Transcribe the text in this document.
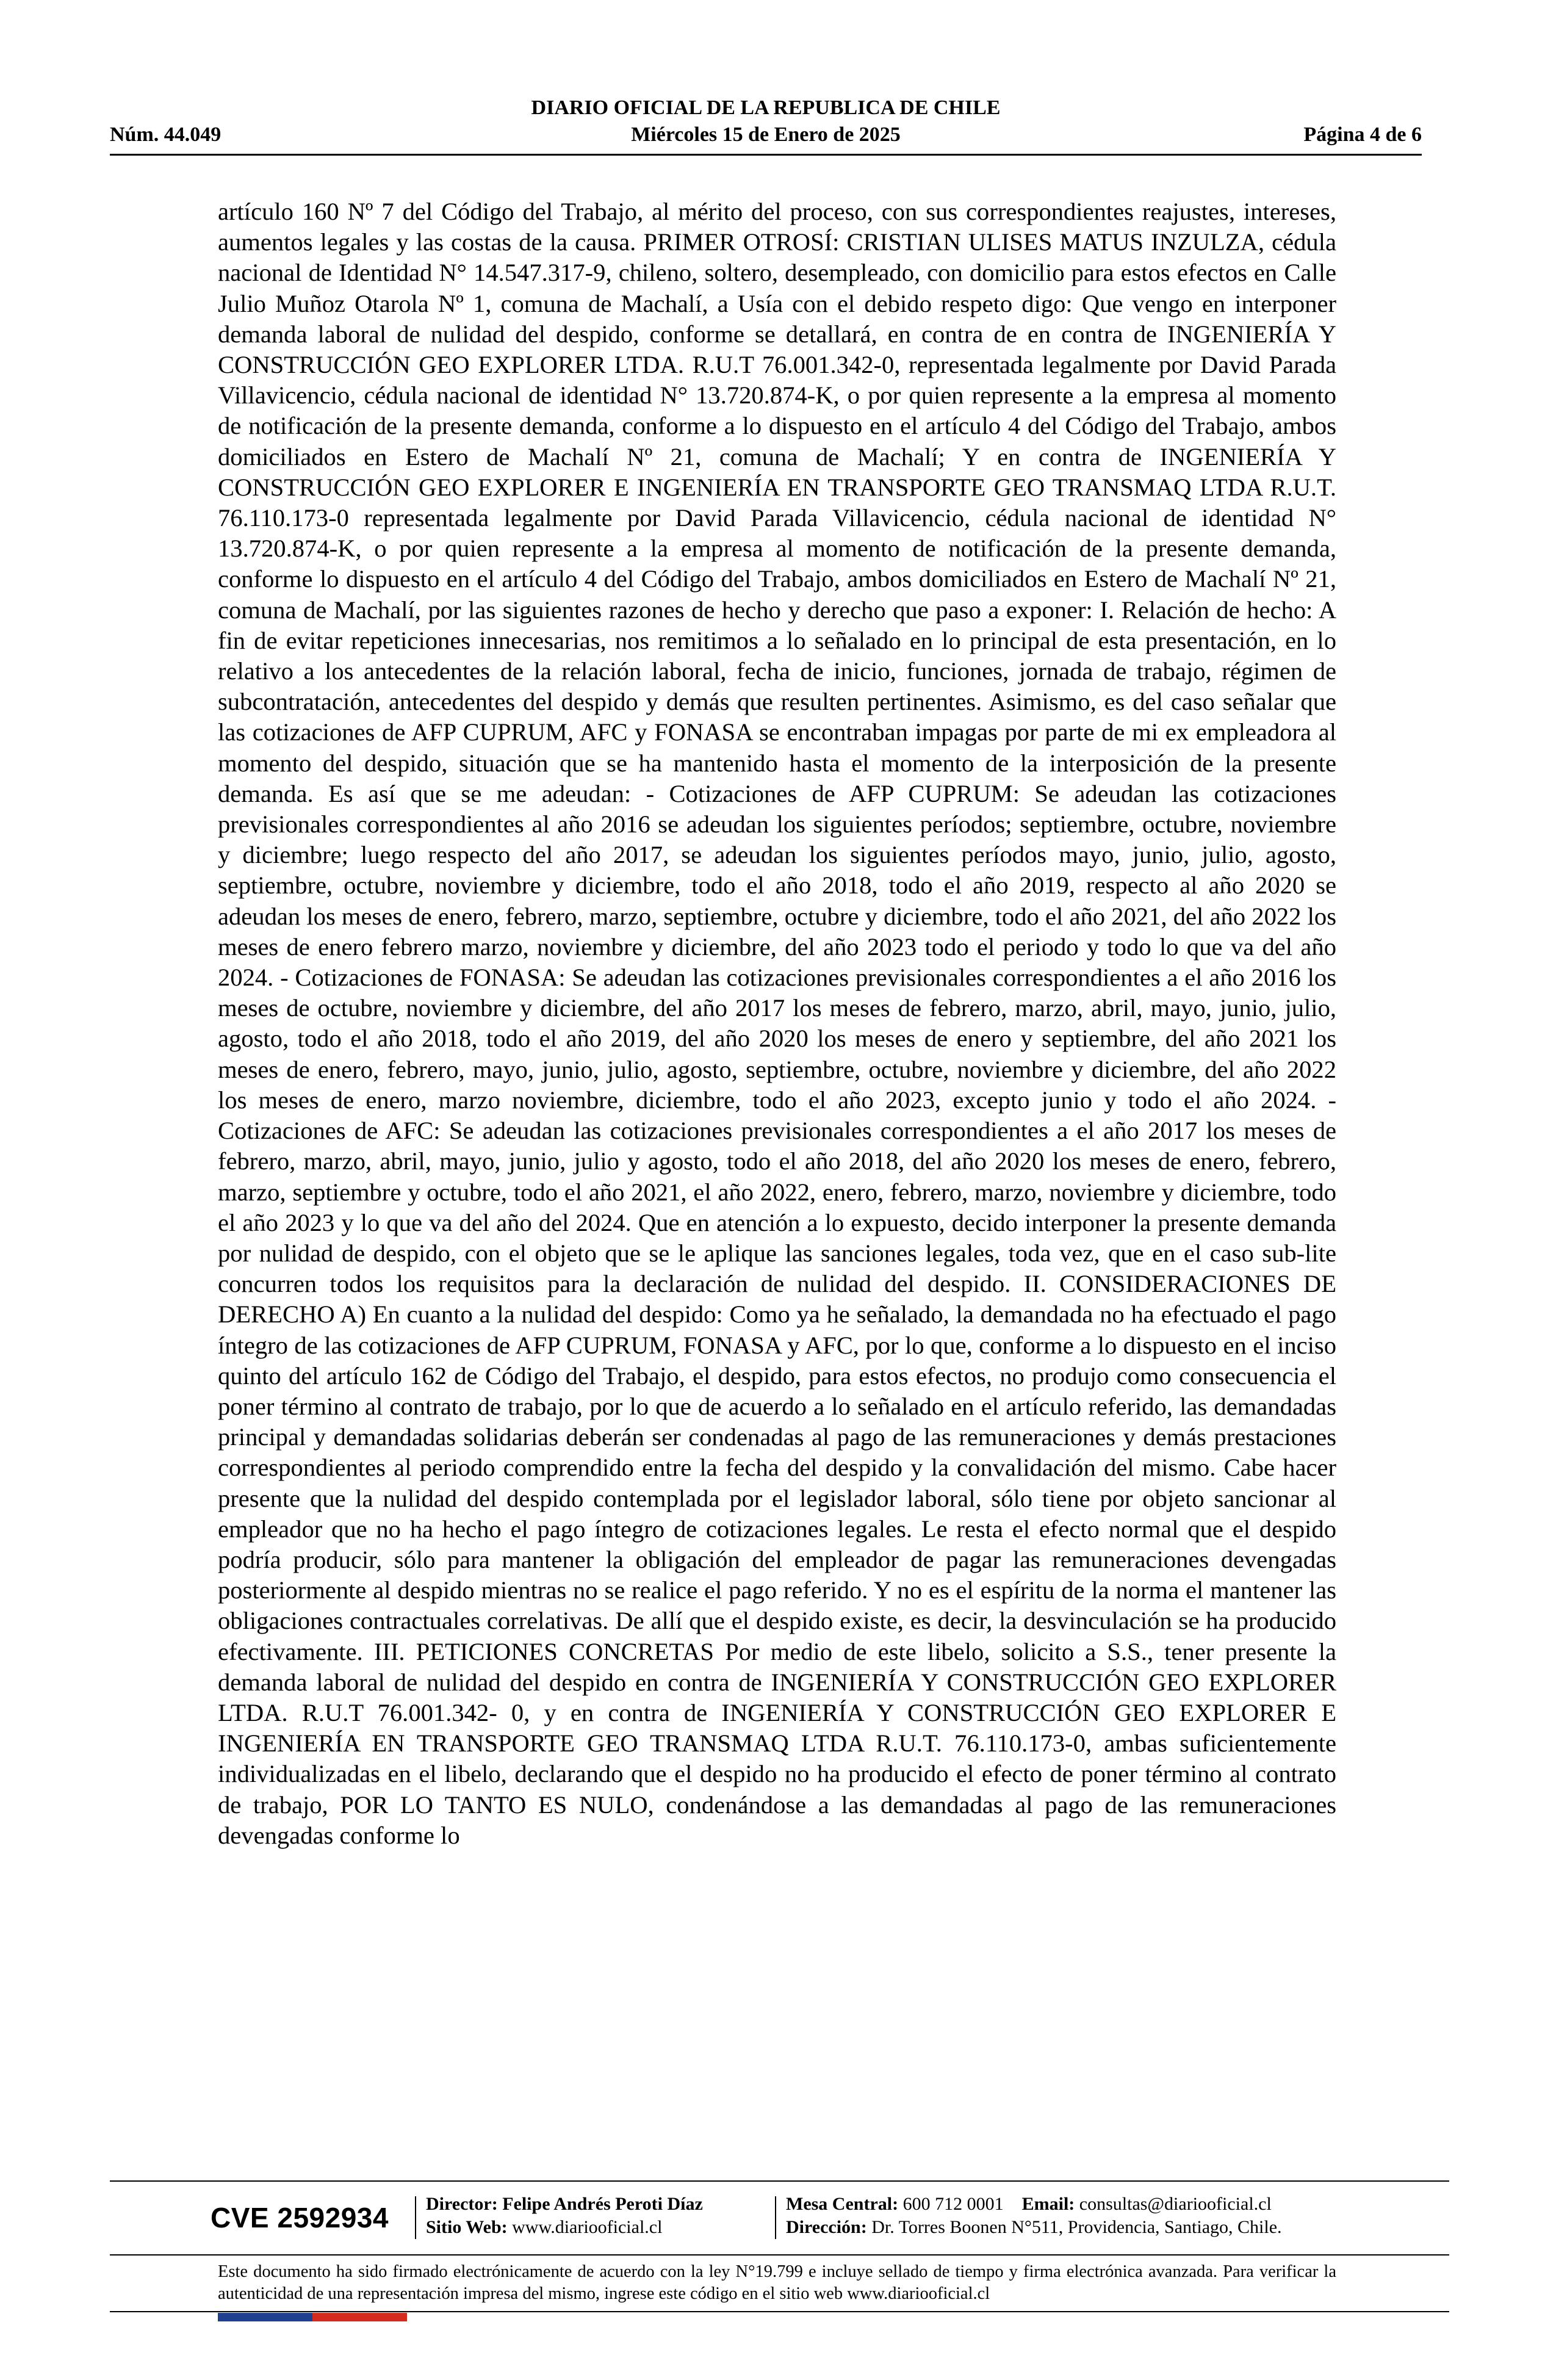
DIARIO OFICIAL DE LA REPUBLICA DE CHILE
Núm. 44.049	Miércoles 15 de Enero de 2025	Página 4 de 6

artículo 160 Nº 7 del Código del Trabajo, al mérito del proceso, con sus correspondientes reajustes, intereses, aumentos legales y las costas de la causa. PRIMER OTROSÍ: CRISTIAN ULISES MATUS INZULZA, cédula nacional de Identidad N° 14.547.317-9, chileno, soltero, desempleado, con domicilio para estos efectos en Calle Julio Muñoz Otarola Nº 1, comuna de Machalí, a Usía con el debido respeto digo: Que vengo en interponer demanda laboral de nulidad del despido, conforme se detallará, en contra de en contra de INGENIERÍA Y CONSTRUCCIÓN GEO EXPLORER LTDA. R.U.T 76.001.342-0, representada legalmente por David Parada Villavicencio, cédula nacional de identidad N° 13.720.874-K, o por quien represente a la empresa al momento de notificación de la presente demanda, conforme a lo dispuesto en el artículo 4 del Código del Trabajo, ambos domiciliados en Estero de Machalí Nº 21, comuna de Machalí; Y en contra de INGENIERÍA Y CONSTRUCCIÓN GEO EXPLORER E INGENIERÍA EN TRANSPORTE GEO TRANSMAQ LTDA R.U.T. 76.110.173-0 representada legalmente por David Parada Villavicencio, cédula nacional de identidad N° 13.720.874-K, o por quien represente a la empresa al momento de notificación de la presente demanda, conforme lo dispuesto en el artículo 4 del Código del Trabajo, ambos domiciliados en Estero de Machalí Nº 21, comuna de Machalí, por las siguientes razones de hecho y derecho que paso a exponer: I. Relación de hecho: A fin de evitar repeticiones innecesarias, nos remitimos a lo señalado en lo principal de esta presentación, en lo relativo a los antecedentes de la relación laboral, fecha de inicio, funciones, jornada de trabajo, régimen de subcontratación, antecedentes del despido y demás que resulten pertinentes. Asimismo, es del caso señalar que las cotizaciones de AFP CUPRUM, AFC y FONASA se encontraban impagas por parte de mi ex empleadora al momento del despido, situación que se ha mantenido hasta el momento de la interposición de la presente demanda. Es así que se me adeudan: - Cotizaciones de AFP CUPRUM: Se adeudan las cotizaciones previsionales correspondientes al año 2016 se adeudan los siguientes períodos; septiembre, octubre, noviembre y diciembre; luego respecto del año 2017, se adeudan los siguientes períodos mayo, junio, julio, agosto, septiembre, octubre, noviembre y diciembre, todo el año 2018, todo el año 2019, respecto al año 2020 se adeudan los meses de enero, febrero, marzo, septiembre, octubre y diciembre, todo el año 2021, del año 2022 los meses de enero febrero marzo, noviembre y diciembre, del año 2023 todo el periodo y todo lo que va del año 2024. - Cotizaciones de FONASA: Se adeudan las cotizaciones previsionales correspondientes a el año 2016 los meses de octubre, noviembre y diciembre, del año 2017 los meses de febrero, marzo, abril, mayo, junio, julio, agosto, todo el año 2018, todo el año 2019, del año 2020 los meses de enero y septiembre, del año 2021 los meses de enero, febrero, mayo, junio, julio, agosto, septiembre, octubre, noviembre y diciembre, del año 2022 los meses de enero, marzo noviembre, diciembre, todo el año 2023, excepto junio y todo el año 2024. - Cotizaciones de AFC: Se adeudan las cotizaciones previsionales correspondientes a el año 2017 los meses de febrero, marzo, abril, mayo, junio, julio y agosto, todo el año 2018, del año 2020 los meses de enero, febrero, marzo, septiembre y octubre, todo el año 2021, el año 2022, enero, febrero, marzo, noviembre y diciembre, todo el año 2023 y lo que va del año del 2024. Que en atención a lo expuesto, decido interponer la presente demanda por nulidad de despido, con el objeto que se le aplique las sanciones legales, toda vez, que en el caso sub-lite concurren todos los requisitos para la declaración de nulidad del despido. II. CONSIDERACIONES DE DERECHO A) En cuanto a la nulidad del despido: Como ya he señalado, la demandada no ha efectuado el pago íntegro de las cotizaciones de AFP CUPRUM, FONASA y AFC, por lo que, conforme a lo dispuesto en el inciso quinto del artículo 162 de Código del Trabajo, el despido, para estos efectos, no produjo como consecuencia el poner término al contrato de trabajo, por lo que de acuerdo a lo señalado en el artículo referido, las demandadas principal y demandadas solidarias deberán ser condenadas al pago de las remuneraciones y demás prestaciones correspondientes al periodo comprendido entre la fecha del despido y la convalidación del mismo. Cabe hacer presente que la nulidad del despido contemplada por el legislador laboral, sólo tiene por objeto sancionar al empleador que no ha hecho el pago íntegro de cotizaciones legales. Le resta el efecto normal que el despido podría producir, sólo para mantener la obligación del empleador de pagar las remuneraciones devengadas posteriormente al despido mientras no se realice el pago referido. Y no es el espíritu de la norma el mantener las obligaciones contractuales correlativas. De allí que el despido existe, es decir, la desvinculación se ha producido efectivamente. III. PETICIONES CONCRETAS Por medio de este libelo, solicito a S.S., tener presente la demanda laboral de nulidad del despido en contra de INGENIERÍA Y CONSTRUCCIÓN GEO EXPLORER LTDA. R.U.T 76.001.342- 0, y en contra de INGENIERÍA Y CONSTRUCCIÓN GEO EXPLORER E INGENIERÍA EN TRANSPORTE GEO TRANSMAQ LTDA R.U.T. 76.110.173-0, ambas suficientemente individualizadas en el libelo, declarando que el despido no ha producido el efecto de poner término al contrato de trabajo, POR LO TANTO ES NULO, condenándose a las demandadas al pago de las remuneraciones devengadas conforme lo

CVE 2592934 Director: Felipe Andrés Peroti Díaz
Sitio Web: www.diariooficial.cl
Mesa Central: 600 712 0001 Email: consultas@diariooficial.cl
Dirección: Dr. Torres Boonen N°511, Providencia, Santiago, Chile.
Este documento ha sido firmado electrónicamente de acuerdo con la ley N°19.799 e incluye sellado de tiempo y firma electrónica avanzada. Para verificar la autenticidad de una representación impresa del mismo, ingrese este código en el sitio web www.diariooficial.cl
